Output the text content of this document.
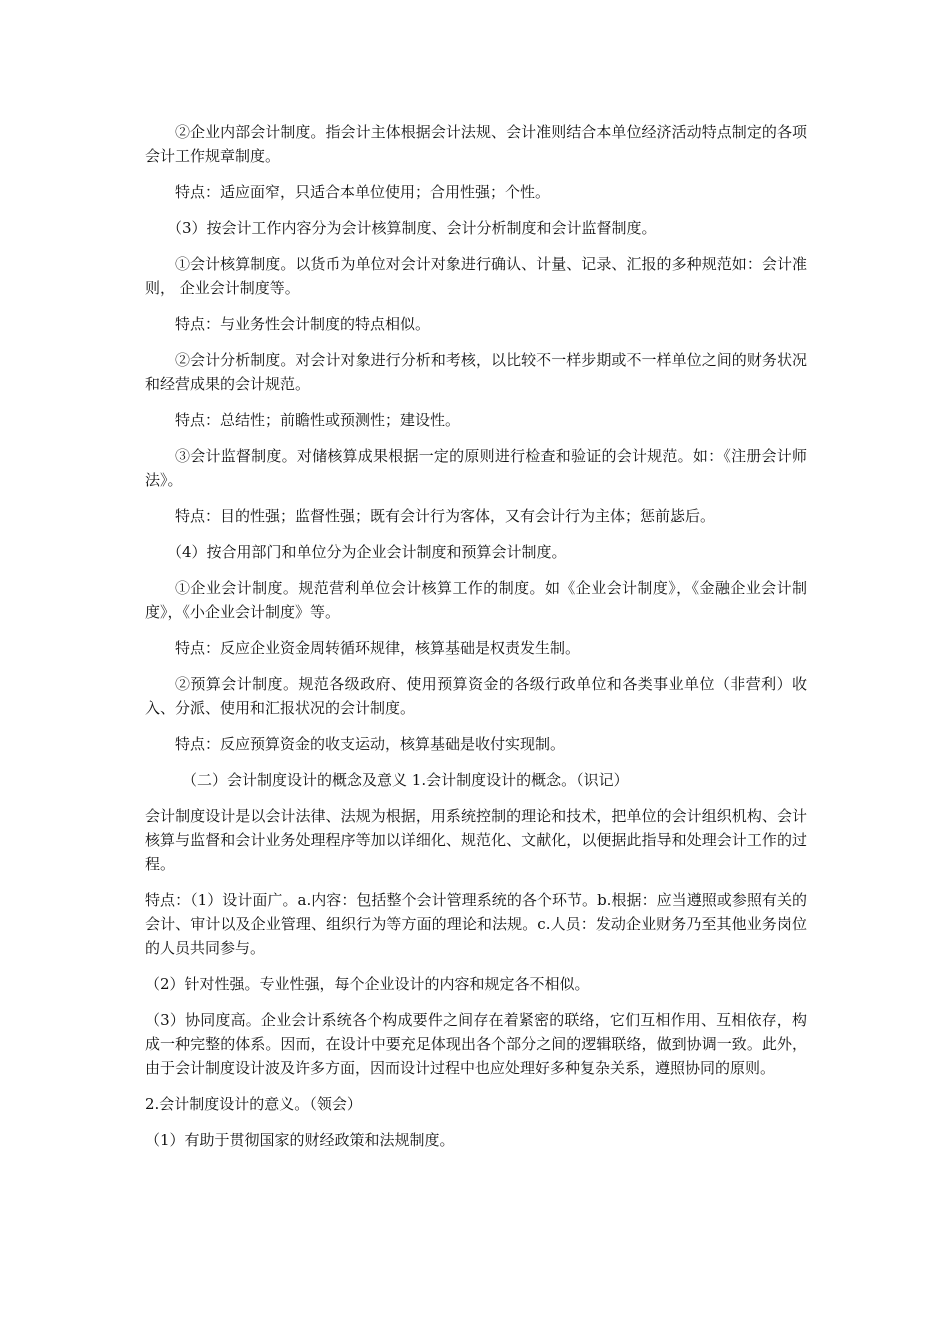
②企业内部会计制度。指会计主体根据会计法规、会计准则结合本单位经济活动特点制定的各项会计工作规章制度。

特点：适应面窄，只适合本单位使用；合用性强；个性。

（3）按会计工作内容分为会计核算制度、会计分析制度和会计监督制度。

①会计核算制度。以货币为单位对会计对象进行确认、计量、记录、汇报的多种规范如：会计准则， 企业会计制度等。

特点：与业务性会计制度的特点相似。

②会计分析制度。对会计对象进行分析和考核，以比较不一样步期或不一样单位之间的财务状况和经营成果的会计规范。

特点：总结性；前瞻性或预测性；建设性。

③会计监督制度。对储核算成果根据一定的原则进行检查和验证的会计规范。如：《注册会计师法》。

特点：目的性强；监督性强；既有会计行为客体，又有会计行为主体；惩前毖后。

（4）按合用部门和单位分为企业会计制度和预算会计制度。

①企业会计制度。规范营利单位会计核算工作的制度。如《企业会计制度》，《金融企业会计制度》，《小企业会计制度》等。

特点：反应企业资金周转循环规律，核算基础是权责发生制。

②预算会计制度。规范各级政府、使用预算资金的各级行政单位和各类事业单位（非营利）收入、分派、使用和汇报状况的会计制度。

特点：反应预算资金的收支运动，核算基础是收付实现制。

（二）会计制度设计的概念及意义 1.会计制度设计的概念。（识记）

会计制度设计是以会计法律、法规为根据，用系统控制的理论和技术，把单位的会计组织机构、会计核算与监督和会计业务处理程序等加以详细化、规范化、文献化，以便据此指导和处理会计工作的过程。

特点：（1）设计面广。a.内容：包括整个会计管理系统的各个环节。b.根据：应当遵照或参照有关的会计、审计以及企业管理、组织行为等方面的理论和法规。c.人员：发动企业财务乃至其他业务岗位的人员共同参与。

（2）针对性强。专业性强，每个企业设计的内容和规定各不相似。

（3）协同度高。企业会计系统各个构成要件之间存在着紧密的联络，它们互相作用、互相依存，构成一种完整的体系。因而，在设计中要充足体现出各个部分之间的逻辑联络，做到协调一致。此外，由于会计制度设计波及许多方面，因而设计过程中也应处理好多种复杂关系，遵照协同的原则。

2.会计制度设计的意义。（领会）

（1）有助于贯彻国家的财经政策和法规制度。
